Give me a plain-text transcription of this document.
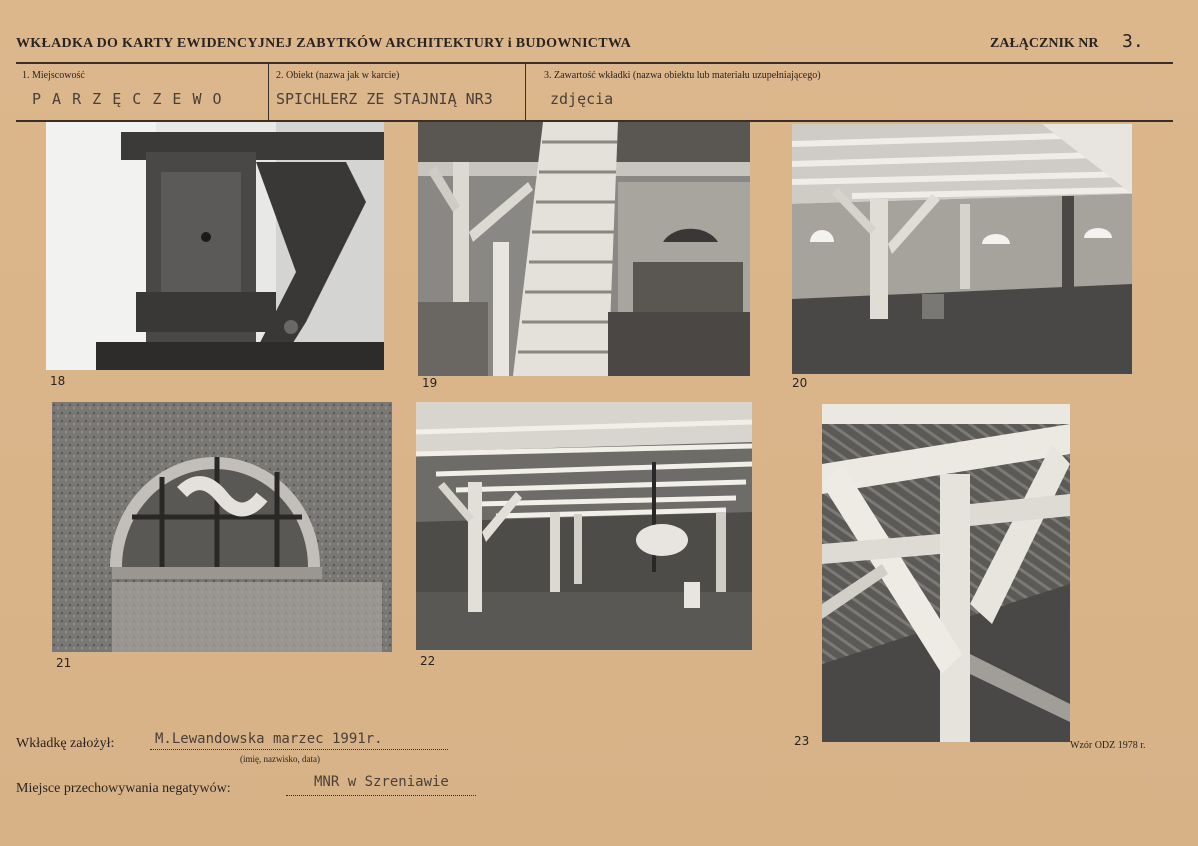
WKŁADKA DO KARTY EWIDENCYJNEJ ZABYTKÓW ARCHITEKTURY i BUDOWNICTWA	ZAŁĄCZNIK NR 3.
1. Miejscowość
P A R Z Ę C Z E W O
2. Obiekt (nazwa jak w karcie)
SPICHLERZ ZE STAJNIĄ NR3
3. Zawartość wkładki (nazwa obiektu lub materiału uzupełniającego)
zdjęcia
18	19	20
21	22
23
Wkładkę założył:	M.Lewandowska marzec 1991r.
(imię, nazwisko, data)
Miejsce przechowywania negatywów:	MNR w Szreniawie
Wzór ODZ 1978 r.
